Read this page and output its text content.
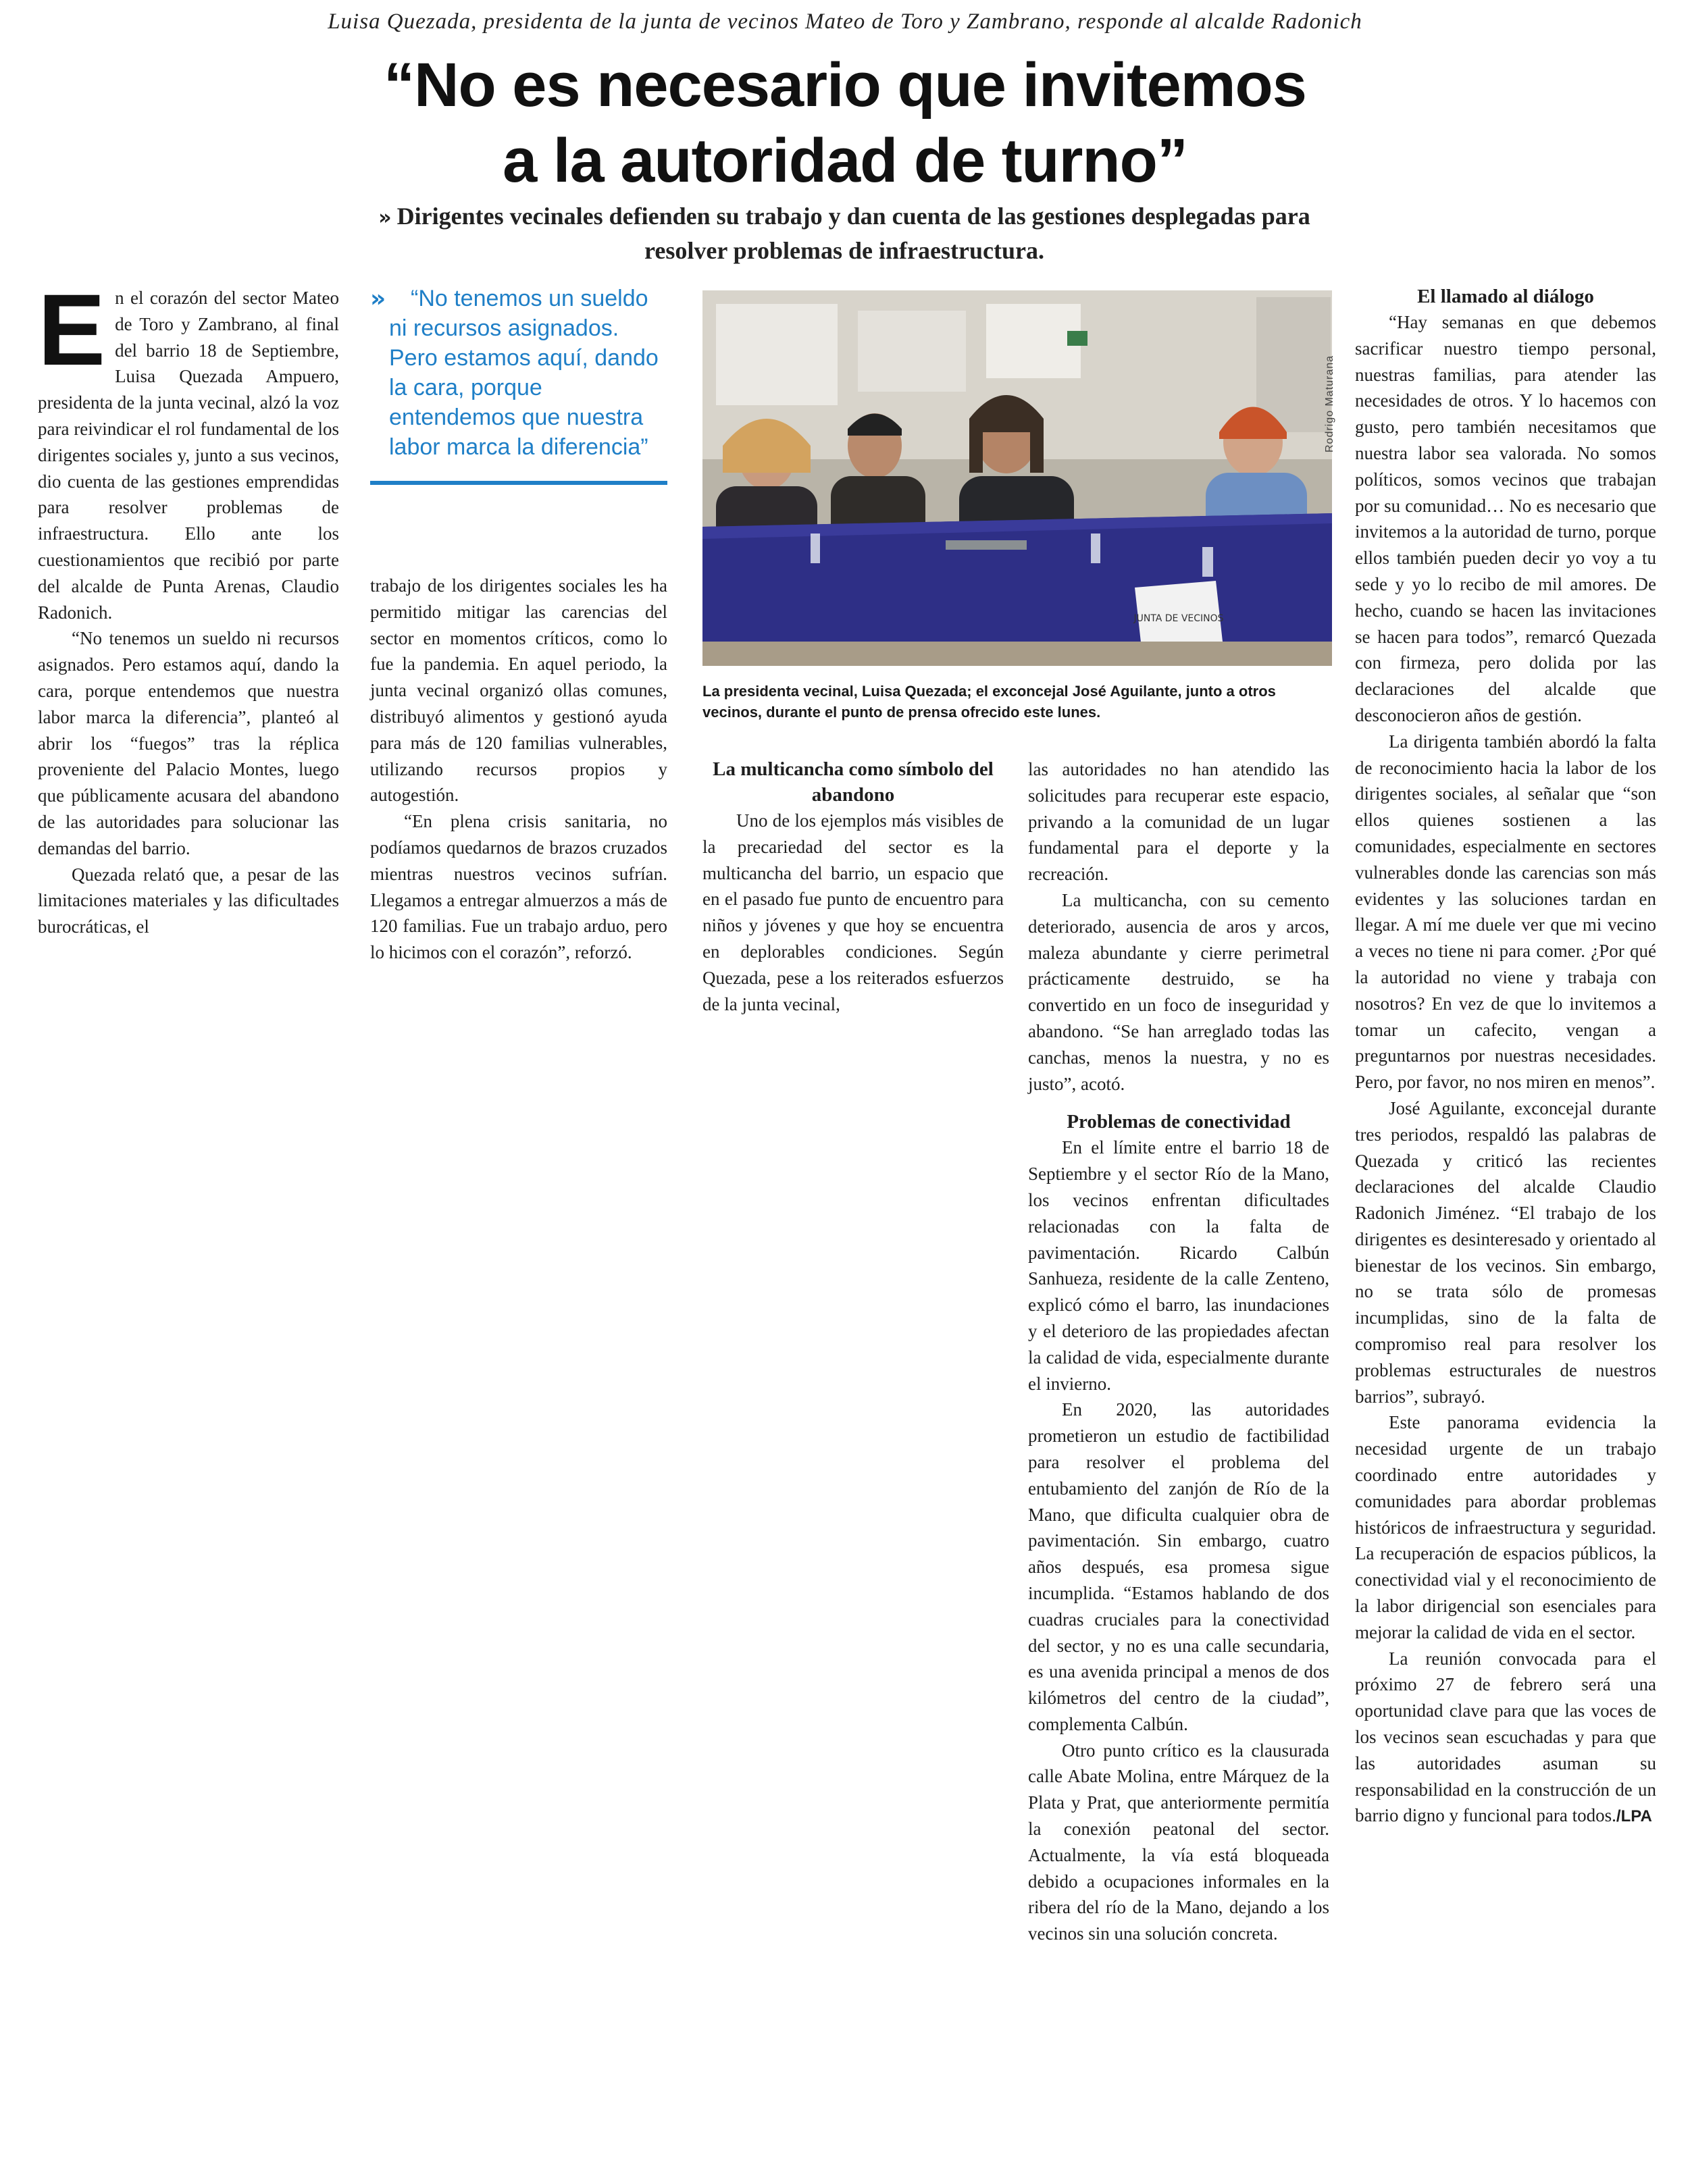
Luisa Quezada, presidenta de la junta de vecinos Mateo de Toro y Zambrano, responde al alcalde Radonich
“No es necesario que invitemos
a la autoridad de turno”
» Dirigentes vecinales defienden su trabajo y dan cuenta de las gestiones desplegadas para resolver problemas de infraestructura.

En el corazón del sector Mateo de Toro y Zambrano, al final del barrio 18 de Septiembre, Luisa Quezada Ampuero, presidenta de la junta vecinal, alzó la voz para reivindicar el rol fundamental de los dirigentes sociales y, junto a sus vecinos, dio cuenta de las gestiones emprendidas para resolver problemas de infraestructura. Ello ante los cuestionamientos que recibió por parte del alcalde de Punta Arenas, Claudio Radonich.

“No tenemos un sueldo ni recursos asignados. Pero estamos aquí, dando la cara, porque entendemos que nuestra labor marca la diferencia”, planteó al abrir los “fuegos” tras la réplica proveniente del Palacio Montes, luego que públicamente acusara del abandono de las autoridades para solucionar las demandas del barrio.

Quezada relató que, a pesar de las limitaciones materiales y las dificultades burocráticas, el

»	“No tenemos un sueldo ni recursos asignados. Pero estamos aquí, dando la cara, porque entendemos que nuestra labor marca la diferencia”

trabajo de los dirigentes sociales les ha permitido mitigar las carencias del sector en momentos críticos, como lo fue la pandemia. En aquel periodo, la junta vecinal organizó ollas comunes, distribuyó alimentos y gestionó ayuda para más de 120 familias vulnerables, utilizando recursos propios y autogestión.

“En plena crisis sanitaria, no podíamos quedarnos de brazos cruzados mientras nuestros vecinos sufrían. Llegamos a entregar almuerzos a más de 120 familias. Fue un trabajo arduo, pero lo hicimos con el corazón”, reforzó.

JUNTA DE VECINOS
Rodrigo Maturana
La presidenta vecinal, Luisa Quezada; el exconcejal José Aguilante, junto a otros vecinos, durante el punto de prensa ofrecido este lunes.
La multicancha como símbolo del abandono

Uno de los ejemplos más visibles de la precariedad del sector es la multicancha del barrio, un espacio que en el pasado fue punto de encuentro para niños y jóvenes y que hoy se encuentra en deplorables condiciones. Según Quezada, pese a los reiterados esfuerzos de la junta vecinal,

las autoridades no han atendido las solicitudes para recuperar este espacio, privando a la comunidad de un lugar fundamental para el deporte y la recreación.

La multicancha, con su cemento deteriorado, ausencia de aros y arcos, maleza abundante y cierre perimetral prácticamente destruido, se ha convertido en un foco de inseguridad y abandono. “Se han arreglado todas las canchas, menos la nuestra, y no es justo”, acotó.

Problemas de conectividad

En el límite entre el barrio 18 de Septiembre y el sector Río de la Mano, los vecinos enfrentan dificultades relacionadas con la falta de pavimentación. Ricardo Calbún Sanhueza, residente de la calle Zenteno, explicó cómo el barro, las inundaciones y el deterioro de las propiedades afectan la calidad de vida, especialmente durante el invierno.

En 2020, las autoridades prometieron un estudio de factibilidad para resolver el problema del entubamiento del zanjón de Río de la Mano, que dificulta cualquier obra de pavimentación. Sin embargo, cuatro años después, esa promesa sigue incumplida. “Estamos hablando de dos cuadras cruciales para la conectividad del sector, y no es una calle secundaria, es una avenida principal a menos de dos kilómetros del centro de la ciudad”, complementa Calbún.

Otro punto crítico es la clausurada calle Abate Molina, entre Márquez de la Plata y Prat, que anteriormente permitía la conexión peatonal del sector. Actualmente, la vía está bloqueada debido a ocupaciones informales en la ribera del río de la Mano, dejando a los vecinos sin una solución concreta.

El llamado al diálogo

“Hay semanas en que debemos sacrificar nuestro tiempo personal, nuestras familias, para atender las necesidades de otros. Y lo hacemos con gusto, pero también necesitamos que nuestra labor sea valorada. No somos políticos, somos vecinos que trabajan por su comunidad… No es necesario que invitemos a la autoridad de turno, porque ellos también pueden decir yo voy a tu sede y yo lo recibo de mil amores. De hecho, cuando se hacen las invitaciones se hacen para todos”, remarcó Quezada con firmeza, pero dolida por las declaraciones del alcalde que desconocieron años de gestión.

La dirigenta también abordó la falta de reconocimiento hacia la labor de los dirigentes sociales, al señalar que “son ellos quienes sostienen a las comunidades, especialmente en sectores vulnerables donde las carencias son más evidentes y las soluciones tardan en llegar. A mí me duele ver que mi vecino a veces no tiene ni para comer. ¿Por qué la autoridad no viene y trabaja con nosotros? En vez de que lo invitemos a tomar un cafecito, vengan a preguntarnos por nuestras necesidades. Pero, por favor, no nos miren en menos”.

José Aguilante, exconcejal durante tres periodos, respaldó las palabras de Quezada y criticó las recientes declaraciones del alcalde Claudio Radonich Jiménez. “El trabajo de los dirigentes es desinteresado y orientado al bienestar de los vecinos. Sin embargo, no se trata sólo de promesas incumplidas, sino de la falta de compromiso real para resolver los problemas estructurales de nuestros barrios”, subrayó.

Este panorama evidencia la necesidad urgente de un trabajo coordinado entre autoridades y comunidades para abordar problemas históricos de infraestructura y seguridad. La recuperación de espacios públicos, la conectividad vial y el reconocimiento de la labor dirigencial son esenciales para mejorar la calidad de vida en el sector.

La reunión convocada para el próximo 27 de febrero será una oportunidad clave para que las voces de los vecinos sean escuchadas y para que las autoridades asuman su responsabilidad en la construcción de un barrio digno y funcional para todos./LPA
